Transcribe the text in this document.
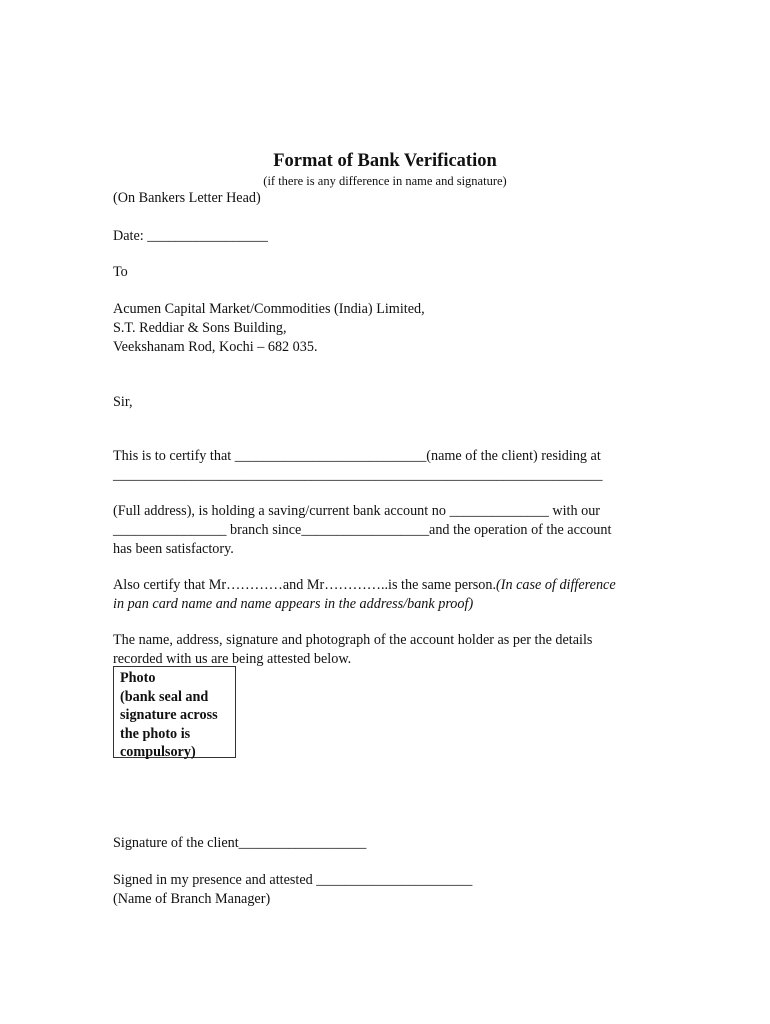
Format of Bank Verification
(if there is any difference in name and signature)
(On Bankers Letter Head)
Date: _________________
To
Acumen Capital Market/Commodities (India) Limited,
S.T. Reddiar & Sons Building,
Veekshanam Rod, Kochi – 682 035.
Sir,
This is to certify that ___________________________(name of the client) residing at
_____________________________________________________________________
(Full address), is holding a saving/current bank account no ______________ with our
________________ branch since__________________and the operation of the account
has been satisfactory.
Also certify that Mr…………and Mr…………..is the same person.(In case of difference
in pan card name and name appears in the address/bank proof)
The name, address, signature and photograph of the account holder as per the details
recorded with us are being attested below.
Photo
(bank seal and
signature across
the photo is
compulsory)
Signature of the client__________________
Signed in my presence and attested ______________________
(Name of Branch Manager)
